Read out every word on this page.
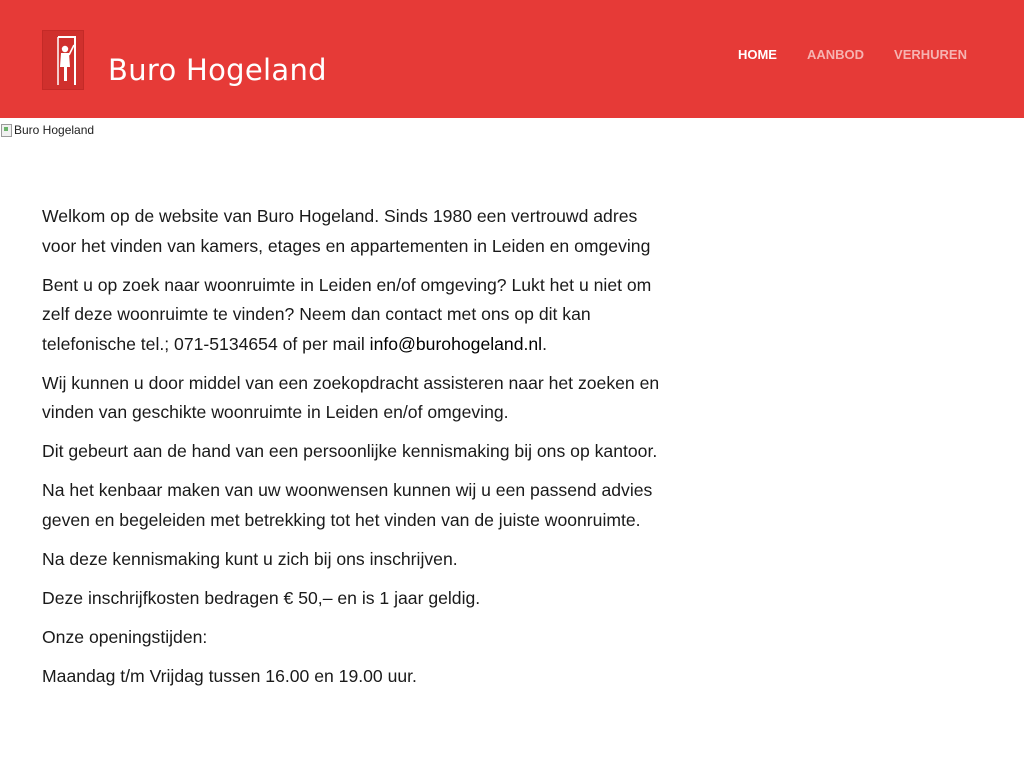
Buro Hogeland	HOME AANBOD VERHUREN
Buro Hogeland

Welkom op de website van Buro Hogeland. Sinds 1980 een vertrouwd adres voor het vinden van kamers, etages en appartementen in Leiden en omgeving

Bent u op zoek naar woonruimte in Leiden en/of omgeving? Lukt het u niet om zelf deze woonruimte te vinden? Neem dan contact met ons op dit kan telefonische tel.; 071-5134654 of per mail info@burohogeland.nl.

Wij kunnen u door middel van een zoekopdracht assisteren naar het zoeken en vinden van geschikte woonruimte in Leiden en/of omgeving.

Dit gebeurt aan de hand van een persoonlijke kennismaking bij ons op kantoor.

Na het kenbaar maken van uw woonwensen kunnen wij u een passend advies geven en begeleiden met betrekking tot het vinden van de juiste woonruimte.

Na deze kennismaking kunt u zich bij ons inschrijven.

Deze inschrijfkosten bedragen € 50,– en is 1 jaar geldig.

Onze openingstijden:

Maandag t/m Vrijdag tussen 16.00 en 19.00 uur.
